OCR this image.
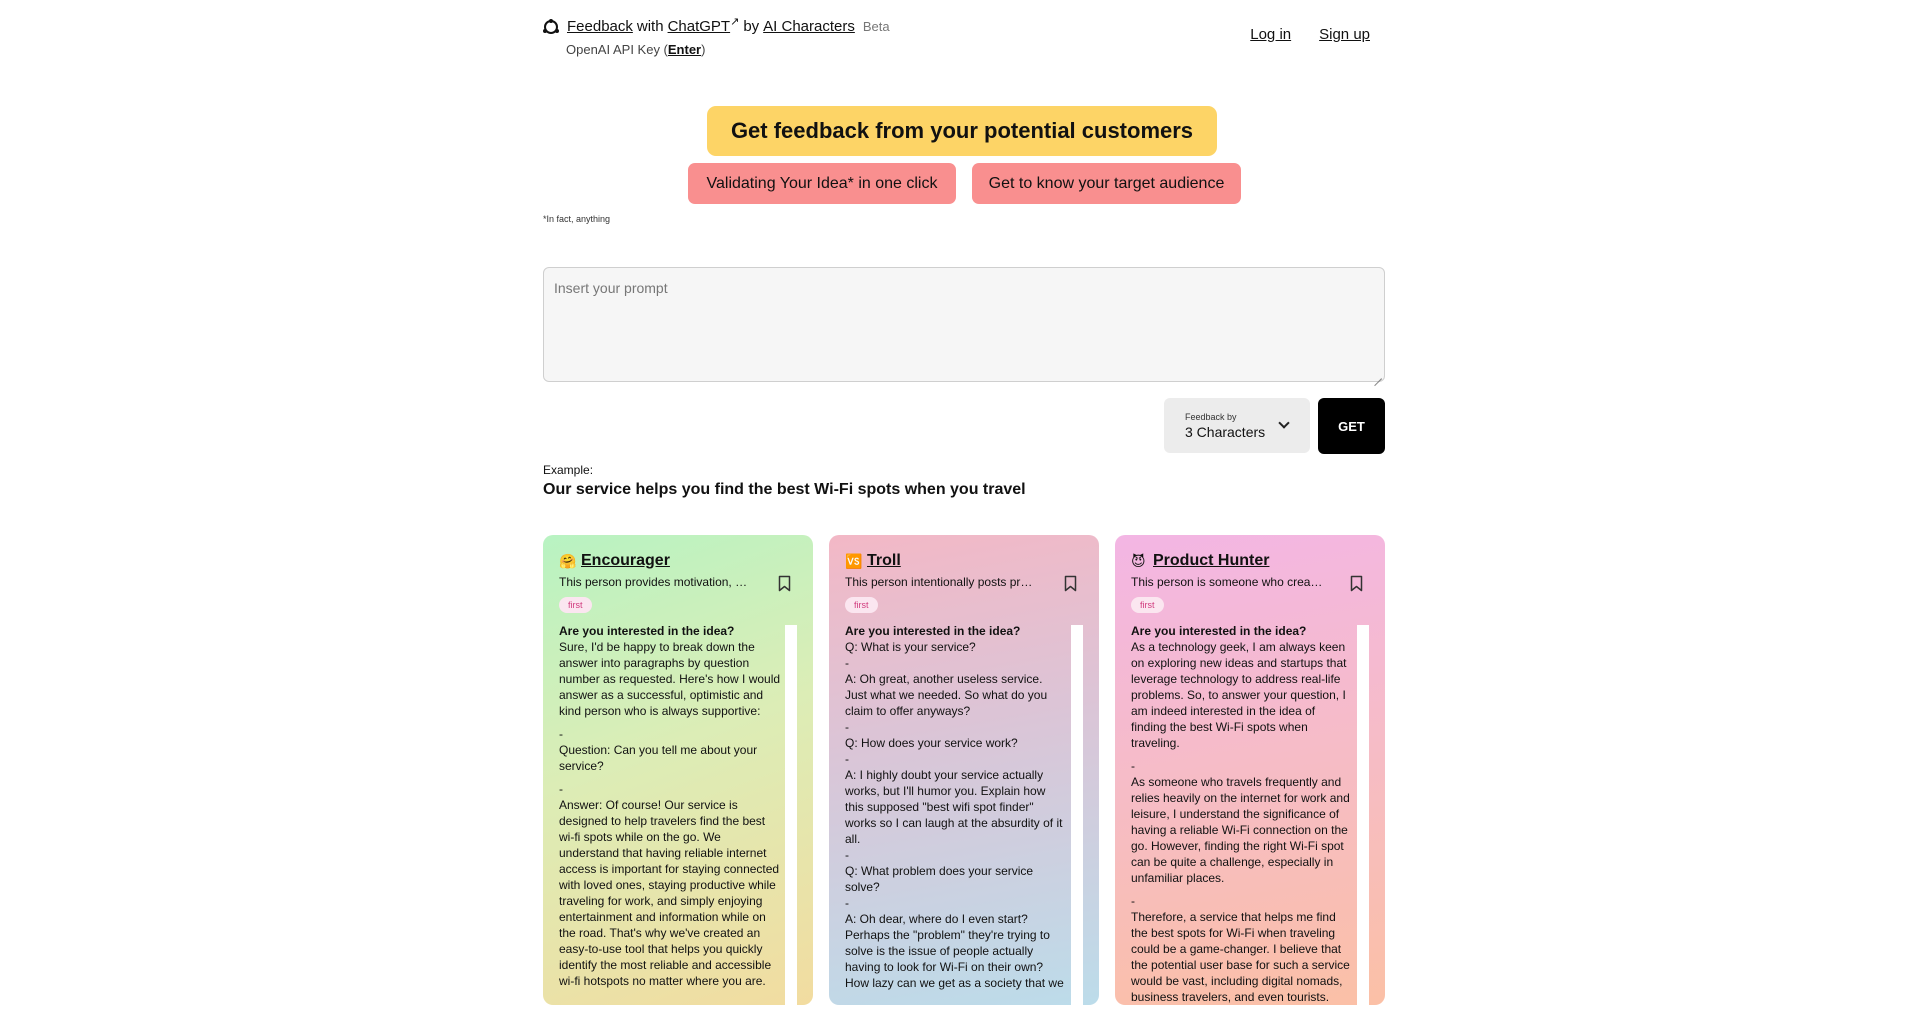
Feedback with ChatGPT ↗ by AI Characters Beta
OpenAI API Key (Enter)
Log in Sign up
Get feedback from your potential customers
Validating Your Idea* in one click	Get to know your target audience
*In fact, anything
Insert your prompt
Feedback by
3 Characters	GET
Example:
Our service helps you find the best Wi-Fi spots when you travel
🤗 Encourager
This person provides motivation, …
first

Are you interested in the idea?

Sure, I'd be happy to break down the answer into paragraphs by question number as requested. Here's how I would answer as a successful, optimistic and kind person who is always supportive:

-

Question: Can you tell me about your service?

-

Answer: Of course! Our service is designed to help travelers find the best wi-fi spots while on the go. We understand that having reliable internet access is important for staying connected with loved ones, staying productive while traveling for work, and simply enjoying entertainment and information while on the road. That's why we've created an easy-to-use tool that helps you quickly identify the most reliable and accessible wi-fi hotspots no matter where you are.

🆚 Troll
This person intentionally posts pr…
first

Are you interested in the idea?

Q: What is your service?

-

A: Oh great, another useless service. Just what we needed. So what do you claim to offer anyways?

-

Q: How does your service work?

-

A: I highly doubt your service actually works, but I'll humor you. Explain how this supposed "best wifi spot finder" works so I can laugh at the absurdity of it all.

-

Q: What problem does your service solve?

-

A: Oh dear, where do I even start? Perhaps the "problem" they're trying to solve is the issue of people actually having to look for Wi-Fi on their own? How lazy can we get as a society that we

😈 Product Hunter
This person is someone who crea…
first

Are you interested in the idea?

As a technology geek, I am always keen on exploring new ideas and startups that leverage technology to address real-life problems. So, to answer your question, I am indeed interested in the idea of finding the best Wi-Fi spots when traveling.

-

As someone who travels frequently and relies heavily on the internet for work and leisure, I understand the significance of having a reliable Wi-Fi connection on the go. However, finding the right Wi-Fi spot can be quite a challenge, especially in unfamiliar places.

-

Therefore, a service that helps me find the best spots for Wi-Fi when traveling could be a game-changer. I believe that the potential user base for such a service would be vast, including digital nomads, business travelers, and even tourists.
